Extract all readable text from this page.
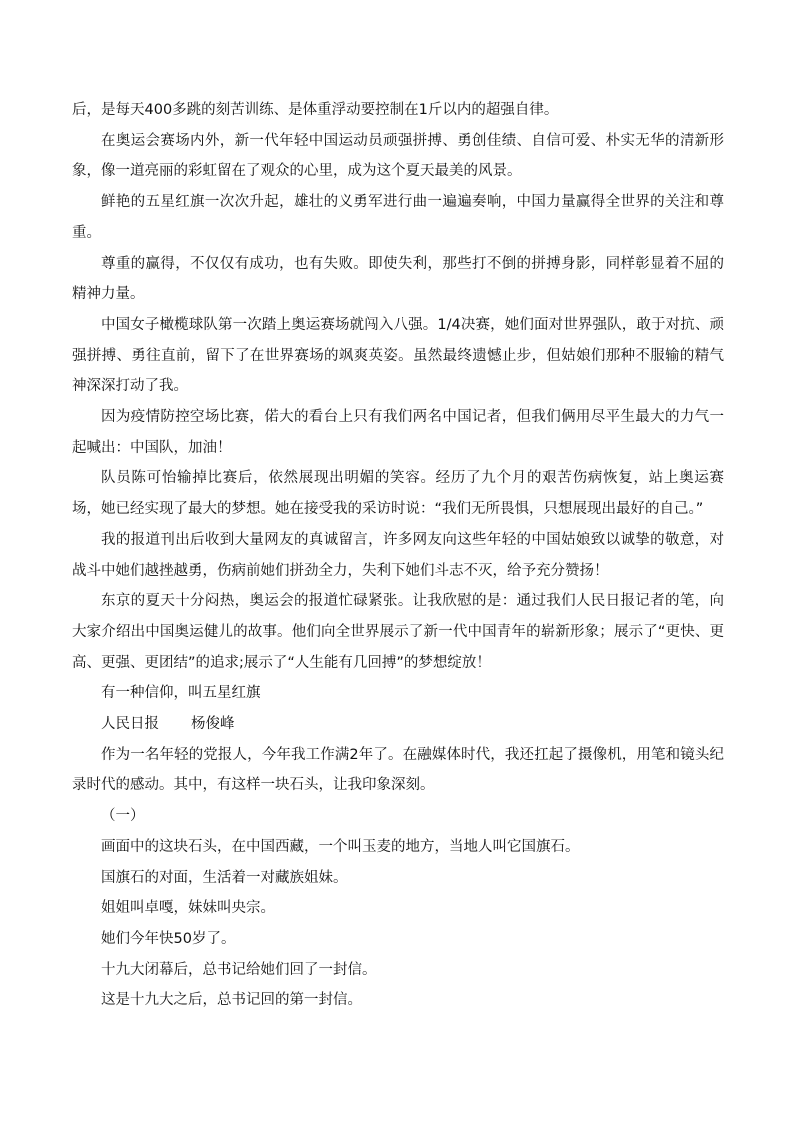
后，是每天400多跳的刻苦训练、是体重浮动要控制在1斤以内的超强自律。

在奥运会赛场内外，新一代年轻中国运动员顽强拼搏、勇创佳绩、自信可爱、朴实无华的清新形象，像一道亮丽的彩虹留在了观众的心里，成为这个夏天最美的风景。

鲜艳的五星红旗一次次升起，雄壮的义勇军进行曲一遍遍奏响，中国力量赢得全世界的关注和尊重。

尊重的赢得，不仅仅有成功，也有失败。即使失利，那些打不倒的拼搏身影，同样彰显着不屈的精神力量。

中国女子橄榄球队第一次踏上奥运赛场就闯入八强。1/4决赛，她们面对世界强队，敢于对抗、顽强拼搏、勇往直前，留下了在世界赛场的飒爽英姿。虽然最终遗憾止步，但姑娘们那种不服输的精气神深深打动了我。

因为疫情防控空场比赛，偌大的看台上只有我们两名中国记者，但我们俩用尽平生最大的力气一起喊出：中国队，加油！

队员陈可怡输掉比赛后，依然展现出明媚的笑容。经历了九个月的艰苦伤病恢复，站上奥运赛场，她已经实现了最大的梦想。她在接受我的采访时说：“我们无所畏惧，只想展现出最好的自己。”

我的报道刊出后收到大量网友的真诚留言，许多网友向这些年轻的中国姑娘致以诚挚的敬意，对战斗中她们越挫越勇，伤病前她们拼劲全力，失利下她们斗志不灭，给予充分赞扬！

东京的夏天十分闷热，奥运会的报道忙碌紧张。让我欣慰的是：通过我们人民日报记者的笔，向大家介绍出中国奥运健儿的故事。他们向全世界展示了新一代中国青年的崭新形象；展示了“更快、更高、更强、更团结”的追求;展示了“人生能有几回搏”的梦想绽放！

有一种信仰，叫五星红旗

人民日报 杨俊峰

作为一名年轻的党报人，今年我工作满2年了。在融媒体时代，我还扛起了摄像机，用笔和镜头纪录时代的感动。其中，有这样一块石头，让我印象深刻。

（一）

画面中的这块石头，在中国西藏，一个叫玉麦的地方，当地人叫它国旗石。

国旗石的对面，生活着一对藏族姐妹。

姐姐叫卓嘎，妹妹叫央宗。

她们今年快50岁了。

十九大闭幕后，总书记给她们回了一封信。

这是十九大之后，总书记回的第一封信。
